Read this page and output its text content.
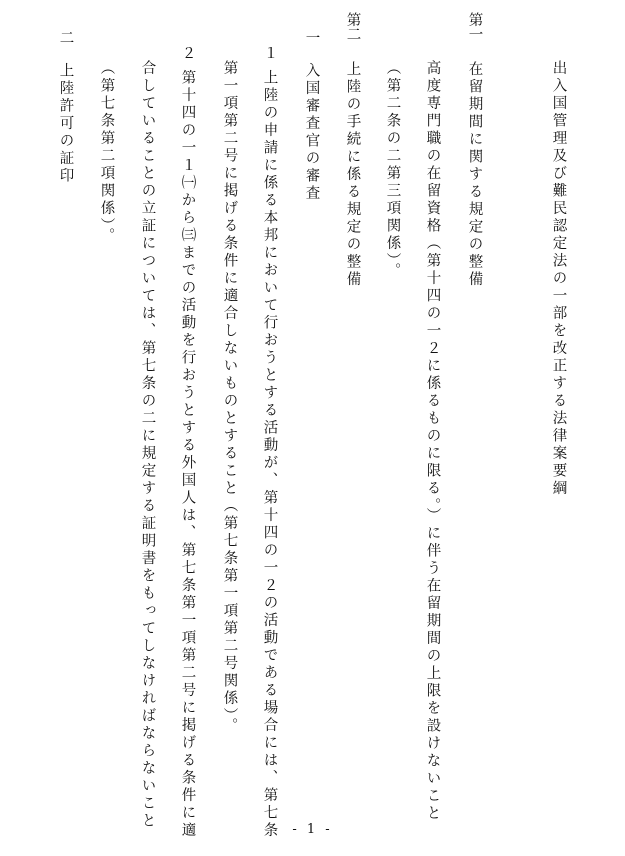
出入国管理及び難民認定法の一部を改正する法律案要綱
第一在留期間に関する規定の整備
高度専門職の在留資格（第十四の一２に係るものに限る。）に伴う在留期間の上限を設けないこと
（第二条の二第三項関係）。
第二上陸の手続に係る規定の整備
一入国審査官の審査
１上陸の申請に係る本邦において行おうとする活動が、第十四の一２の活動である場合には、第七条
第一項第二号に掲げる条件に適合しないものとすること（第七条第一項第二号関係）。
２第十四の一１㈠から㈢までの活動を行おうとする外国人は、第七条第一項第二号に掲げる条件に適
合していることの立証については、第七条の二に規定する証明書をもってしなければならないこと
（第七条第二項関係）。
二上陸許可の証印
- 1 -
